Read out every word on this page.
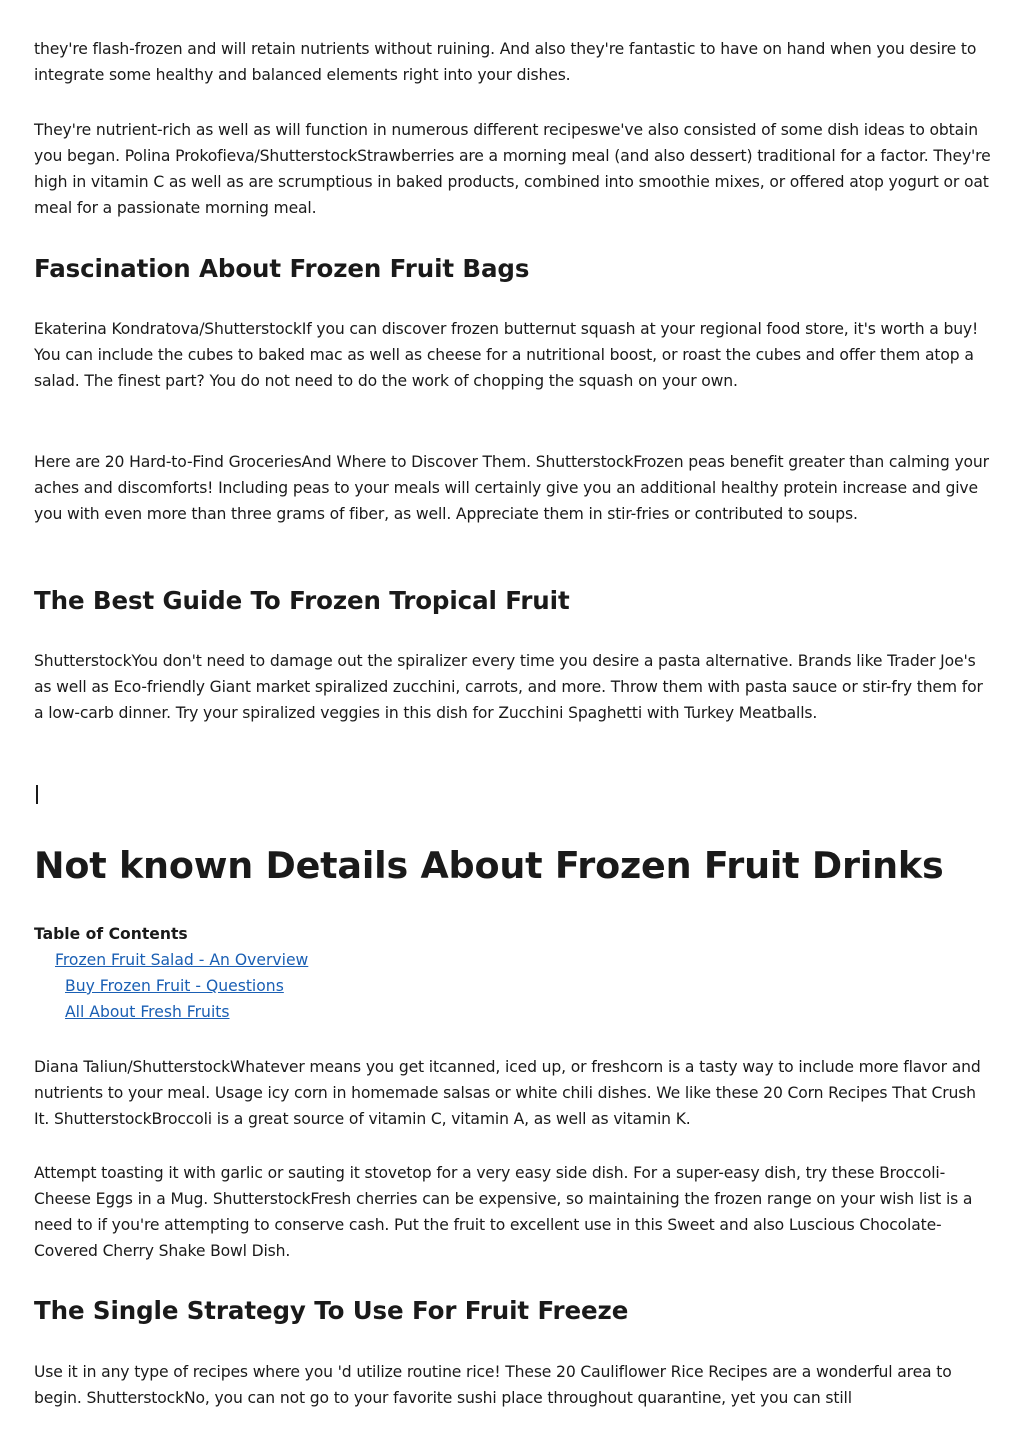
they're flash-frozen and will retain nutrients without ruining. And also they're fantastic to have on hand when you desire to integrate some healthy and balanced elements right into your dishes.

They're nutrient-rich as well as will function in numerous different recipeswe've also consisted of some dish ideas to obtain you began. Polina Prokofieva/ShutterstockStrawberries are a morning meal (and also dessert) traditional for a factor. They're high in vitamin C as well as are scrumptious in baked products, combined into smoothie mixes, or offered atop yogurt or oat meal for a passionate morning meal.

Fascination About Frozen Fruit Bags

Ekaterina Kondratova/ShutterstockIf you can discover frozen butternut squash at your regional food store, it's worth a buy! You can include the cubes to baked mac as well as cheese for a nutritional boost, or roast the cubes and offer them atop a salad. The finest part? You do not need to do the work of chopping the squash on your own.

Here are 20 Hard-to-Find GroceriesAnd Where to Discover Them. ShutterstockFrozen peas benefit greater than calming your aches and discomforts! Including peas to your meals will certainly give you an additional healthy protein increase and give you with even more than three grams of fiber, as well. Appreciate them in stir-fries or contributed to soups.

The Best Guide To Frozen Tropical Fruit

ShutterstockYou don't need to damage out the spiralizer every time you desire a pasta alternative. Brands like Trader Joe's as well as Eco-friendly Giant market spiralized zucchini, carrots, and more. Throw them with pasta sauce or stir-fry them for a low-carb dinner. Try your spiralized veggies in this dish for Zucchini Spaghetti with Turkey Meatballs.

Not known Details About Frozen Fruit Drinks
Table of Contents
Frozen Fruit Salad - An Overview
Buy Frozen Fruit - Questions
All About Fresh Fruits

Diana Taliun/ShutterstockWhatever means you get itcanned, iced up, or freshcorn is a tasty way to include more flavor and nutrients to your meal. Usage icy corn in homemade salsas or white chili dishes. We like these 20 Corn Recipes That Crush It. ShutterstockBroccoli is a great source of vitamin C, vitamin A, as well as vitamin K.

Attempt toasting it with garlic or sauting it stovetop for a very easy side dish. For a super-easy dish, try these Broccoli-Cheese Eggs in a Mug. ShutterstockFresh cherries can be expensive, so maintaining the frozen range on your wish list is a need to if you're attempting to conserve cash. Put the fruit to excellent use in this Sweet and also Luscious Chocolate-Covered Cherry Shake Bowl Dish.

The Single Strategy To Use For Fruit Freeze

Use it in any type of recipes where you 'd utilize routine rice! These 20 Cauliflower Rice Recipes are a wonderful area to begin. ShutterstockNo, you can not go to your favorite sushi place throughout quarantine, yet you can still
